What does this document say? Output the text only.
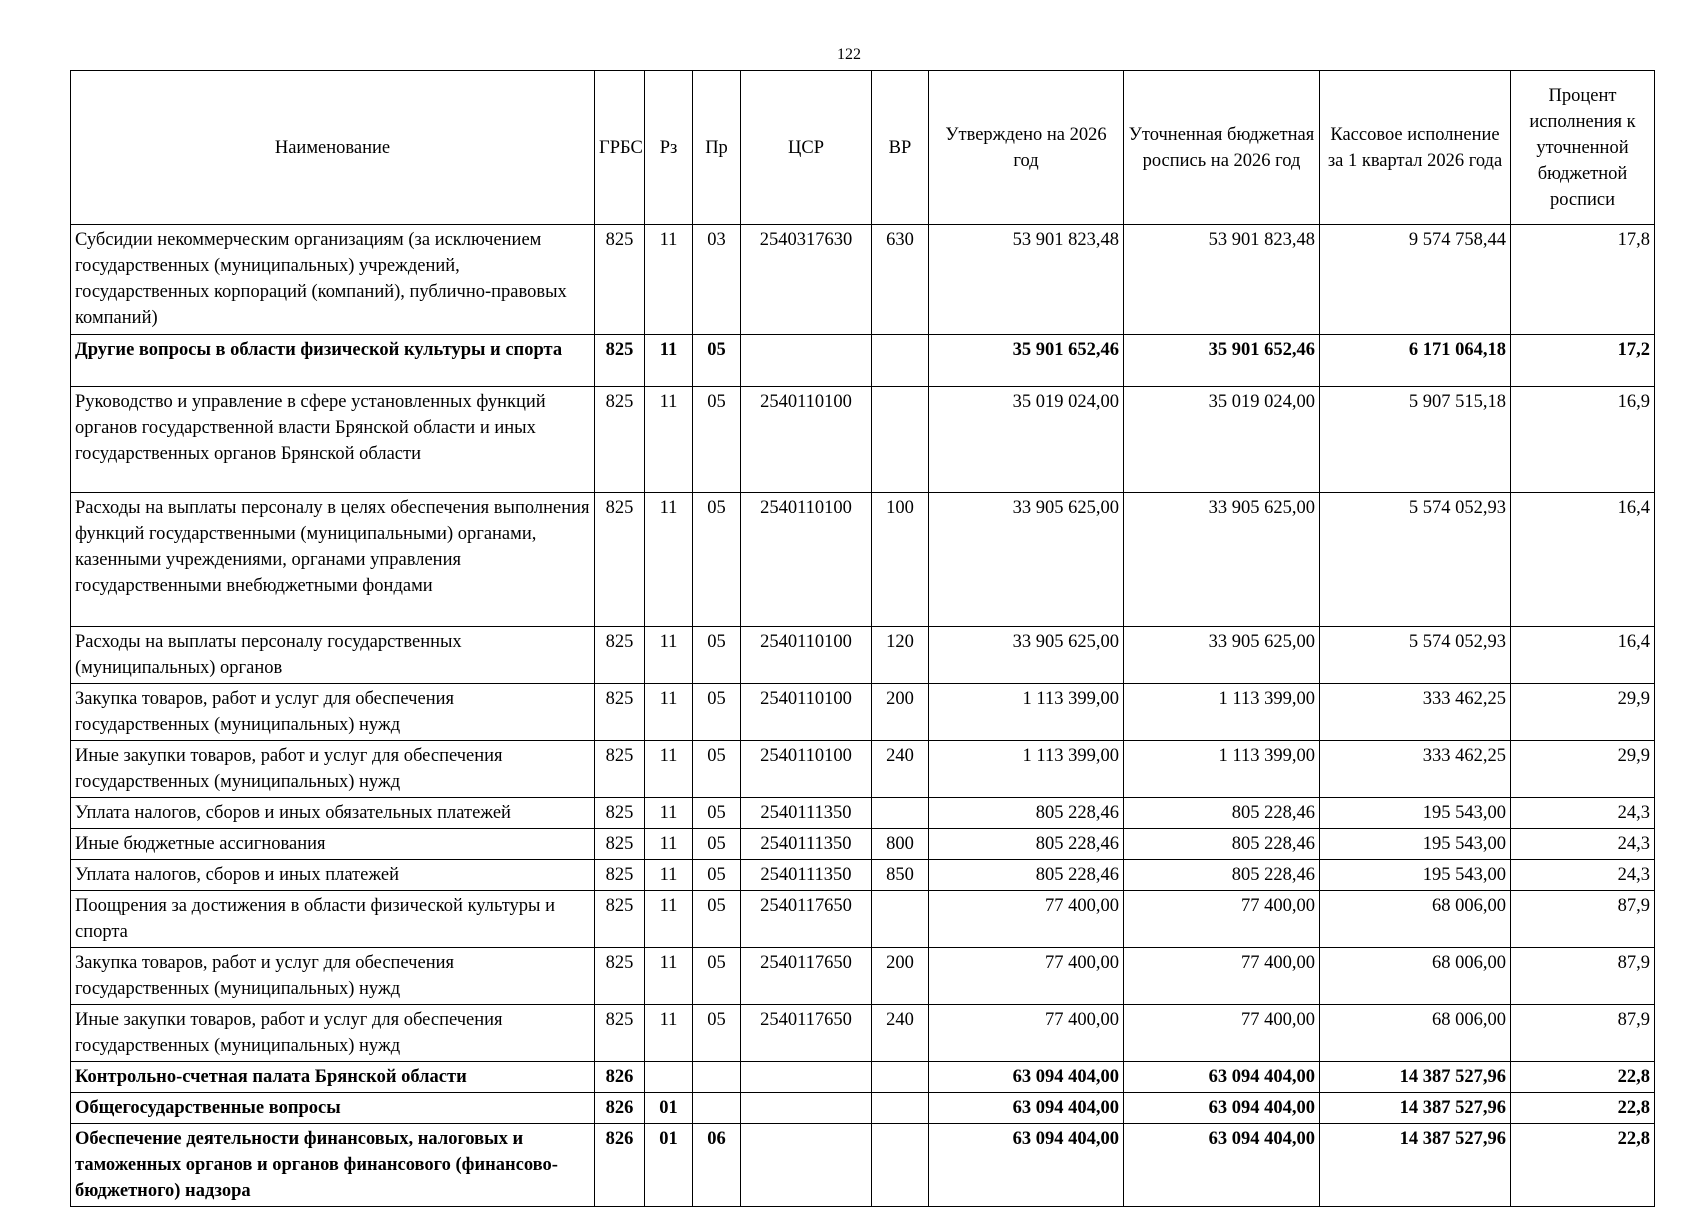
122
Наименование	ГРБС	Рз	Пр	ЦСР	ВР	Утверждено на 2026 год	Уточненная бюджетная роспись на 2026 год	Кассовое исполнение за 1 квартал 2026 года	Процент исполнения к уточненной бюджетной росписи
Субсидии некоммерческим организациям (за исключением государственных (муниципальных) учреждений, государственных корпораций (компаний), публично-правовых компаний)	825	11	03	2540317630	630	53 901 823,48	53 901 823,48	9 574 758,44	17,8
Другие вопросы в области физической культуры и спорта	825	11	05			35 901 652,46	35 901 652,46	6 171 064,18	17,2
Руководство и управление в сфере установленных функций органов государственной власти Брянской области и иных государственных органов Брянской области	825	11	05	2540110100		35 019 024,00	35 019 024,00	5 907 515,18	16,9
Расходы на выплаты персоналу в целях обеспечения выполнения функций государственными (муниципальными) органами, казенными учреждениями, органами управления государственными внебюджетными фондами	825	11	05	2540110100	100	33 905 625,00	33 905 625,00	5 574 052,93	16,4
Расходы на выплаты персоналу государственных (муниципальных) органов	825	11	05	2540110100	120	33 905 625,00	33 905 625,00	5 574 052,93	16,4
Закупка товаров, работ и услуг для обеспечения государственных (муниципальных) нужд	825	11	05	2540110100	200	1 113 399,00	1 113 399,00	333 462,25	29,9
Иные закупки товаров, работ и услуг для обеспечения государственных (муниципальных) нужд	825	11	05	2540110100	240	1 113 399,00	1 113 399,00	333 462,25	29,9
Уплата налогов, сборов и иных обязательных платежей	825	11	05	2540111350		805 228,46	805 228,46	195 543,00	24,3
Иные бюджетные ассигнования	825	11	05	2540111350	800	805 228,46	805 228,46	195 543,00	24,3
Уплата налогов, сборов и иных платежей	825	11	05	2540111350	850	805 228,46	805 228,46	195 543,00	24,3
Поощрения за достижения в области физической культуры и спорта	825	11	05	2540117650		77 400,00	77 400,00	68 006,00	87,9
Закупка товаров, работ и услуг для обеспечения государственных (муниципальных) нужд	825	11	05	2540117650	200	77 400,00	77 400,00	68 006,00	87,9
Иные закупки товаров, работ и услуг для обеспечения государственных (муниципальных) нужд	825	11	05	2540117650	240	77 400,00	77 400,00	68 006,00	87,9
Контрольно-счетная палата Брянской области	826					63 094 404,00	63 094 404,00	14 387 527,96	22,8
Общегосударственные вопросы	826	01				63 094 404,00	63 094 404,00	14 387 527,96	22,8
Обеспечение деятельности финансовых, налоговых и таможенных органов и органов финансового (финансово-бюджетного) надзора	826	01	06			63 094 404,00	63 094 404,00	14 387 527,96	22,8
